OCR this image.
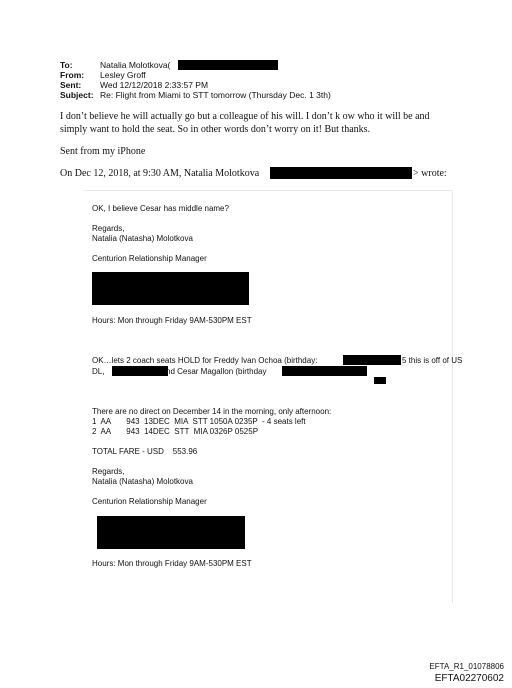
To:	Natalia Molotkova(
From: Lesley Groff
Sent: Wed 12/12/2018 2:33:57 PM
Subject: Re: Flight from Miami to STT tomorrow (Thursday Dec. 1 3th)
I don’t believe he will actually go but a colleague of his will. I don’t k ow who it will be and
simply want to hold the seat. So in other words don’t worry on it! But thanks.
Sent from my iPhone
On Dec 12, 2018, at 9:30 AM, Natalia Molotkova	> wrote:
OK, I believe Cesar has middle name?
Regards,
Natalia (Natasha) Molotkova
Centurion Relationship Manager
Hours: Mon through Friday 9AM-530PM EST
OK…lets 2 coach seats HOLD for Freddy Ivan Ochoa (birthday:	5 this is off of US
DL,	nd Cesar Magallon (birthday
There are no direct on December 14 in the morning, only afternoon:
1  AA       943  13DEC  MIA  STT 1050A 0235P  - 4 seats left
2  AA       943  14DEC  STT  MIA 0326P 0525P
TOTAL FARE - USD    553.96
Regards,
Natalia (Natasha) Molotkova
Centurion Relationship Manager
Hours: Mon through Friday 9AM-530PM EST
EFTA_R1_01078806
EFTA02270602
